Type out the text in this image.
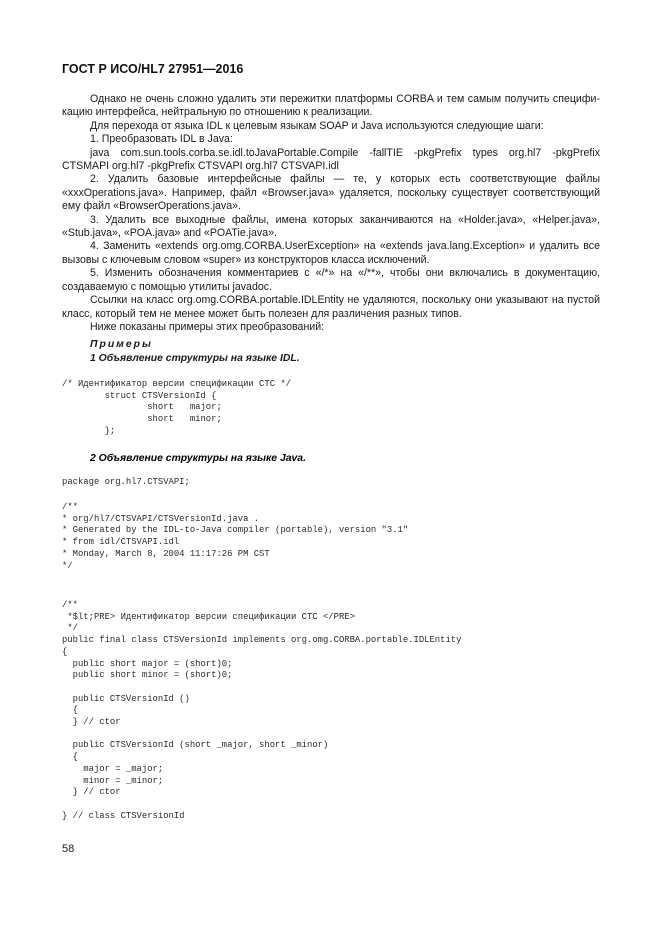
ГОСТ Р ИСО/HL7 27951—2016

Однако не очень сложно удалить эти пережитки платформы CORBA и тем самым получить спецификацию интерфейса, нейтральную по отношению к реализации.

Для перехода от языка IDL к целевым языкам SOAP и Java используются следующие шаги:

1. Преобразовать IDL в Java:

java com.sun.tools.corba.se.idl.toJavaPortable.Compile -fallTIE -pkgPrefix types org.hl7 -pkgPrefix CTSMAPI org.hl7 -pkgPrefix CTSVAPI org.hl7 CTSVAPI.idl

2. Удалить базовые интерфейсные файлы — те, у которых есть соответствующие файлы «xxxOperations.java». Например, файл «Browser.java» удаляется, поскольку существует соответствующий ему файл «BrowserOperations.java».

3. Удалить все выходные файлы, имена которых заканчиваются на «Holder.java», «Helper.java», «Stub.java», «POA.java» and «POATie.java».

4. Заменить «extends org.omg.CORBA.UserException» на «extends java.lang.Exception» и удалить все вызовы с ключевым словом «super» из конструкторов класса исключений.

5. Изменить обозначения комментариев с «/*» на «/**», чтобы они включались в документацию, создаваемую с помощью утилиты javadoc.

Ссылки на класс org.omg.CORBA.portable.IDLEntity не удаляются, поскольку они указывают на пустой класс, который тем не менее может быть полезен для различения разных типов.

Ниже показаны примеры этих преобразований:

Примеры
1 Объявление структуры на языке IDL.
/* Идентификатор версии спецификации CTC */
struct CTSVersionId {
short   major;
short   minor;
};
2 Объявление структуры на языке Java.
package org.hl7.CTSVAPI;
/**
* org/hl7/CTSVAPI/CTSVersionId.java .
* Generated by the IDL-to-Java compiler (portable), version "3.1"
* from idl/CTSVAPI.idl
* Monday, March 8, 2004 11:17:26 PM CST
*/
/**
*$lt;PRE> Идентификатор версии спецификации CTC </PRE>
*/
public final class CTSVersionId implements org.omg.CORBA.portable.IDLEntity
{
public short major = (short)0;
public short minor = (short)0;

public CTSVersionId ()
{
} // ctor

public CTSVersionId (short _major, short _minor)
{
major = _major;
minor = _minor;
} // ctor

} // class CTSVersionId
58
